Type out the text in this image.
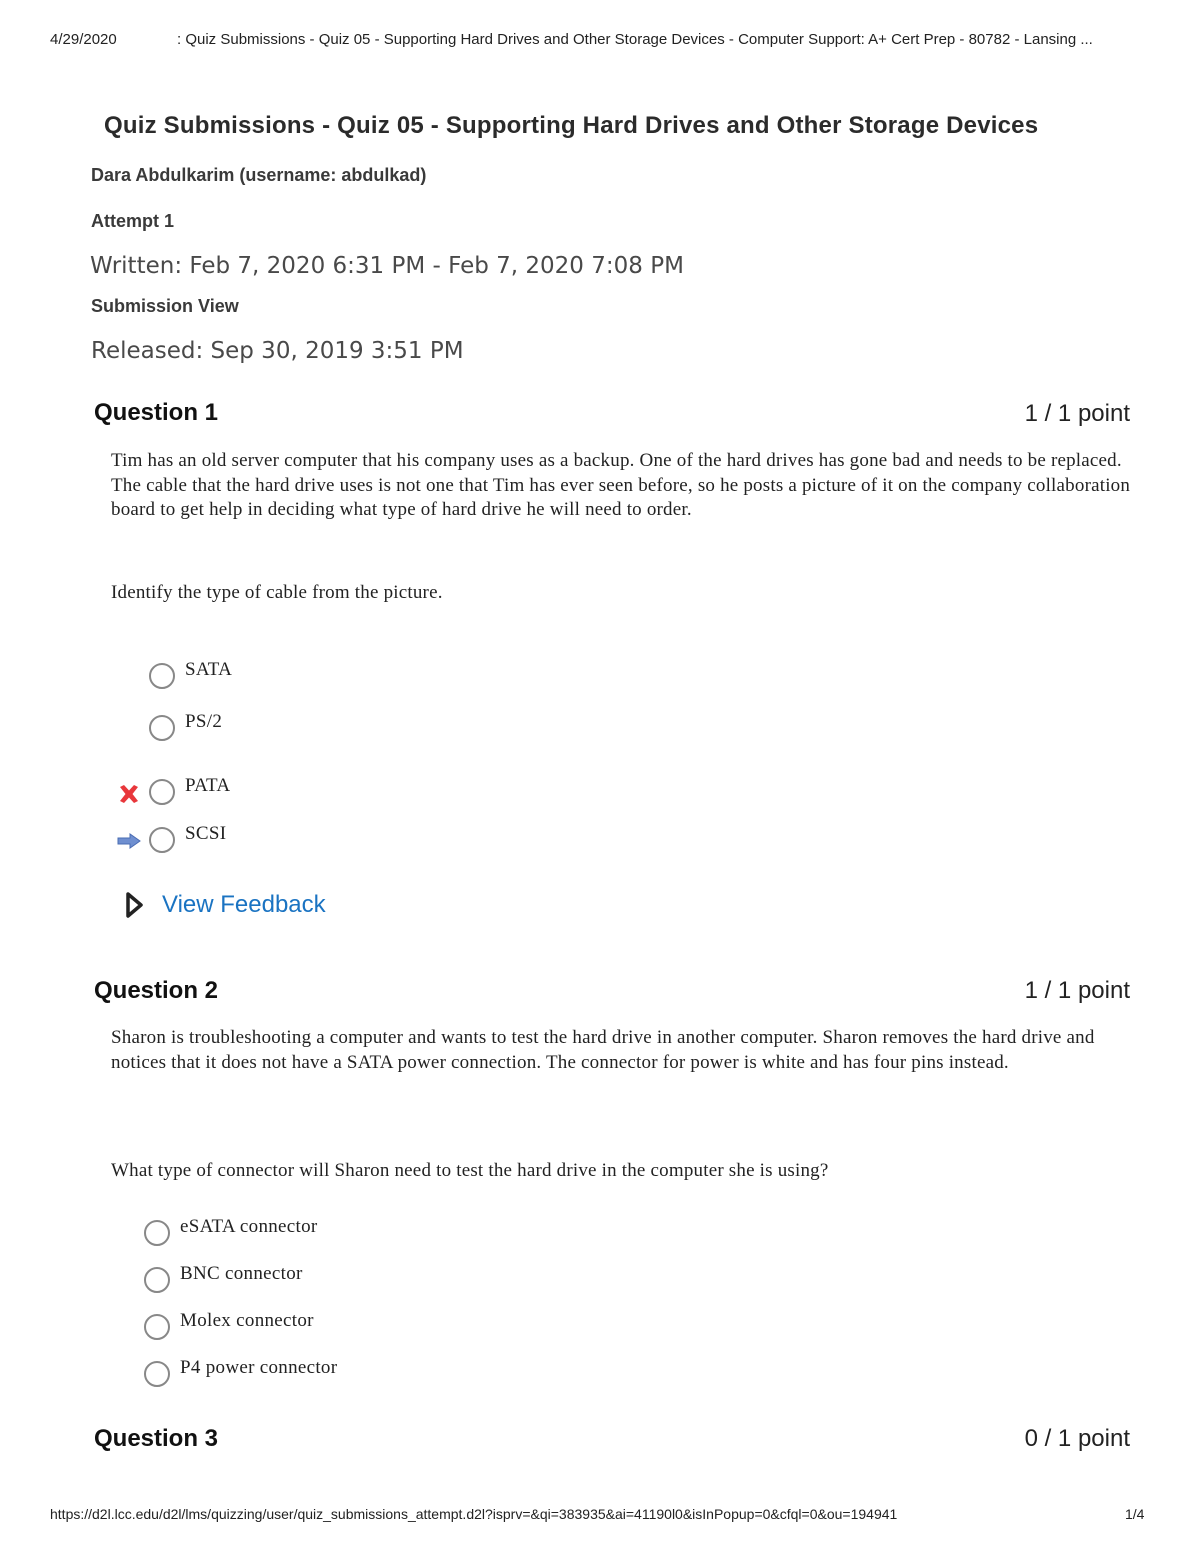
4/29/2020	: Quiz Submissions - Quiz 05 - Supporting Hard Drives and Other Storage Devices - Computer Support: A+ Cert Prep - 80782 - Lansing ...
Quiz Submissions - Quiz 05 - Supporting Hard Drives and Other Storage Devices
Dara Abdulkarim (username: abdulkad)
Attempt 1
Written: Feb 7, 2020 6:31 PM - Feb 7, 2020 7:08 PM
Submission View
Released: Sep 30, 2019 3:51 PM
Question 1	1 / 1 point
Tim has an old server computer that his company uses as a backup. One of the hard drives has gone bad and needs to be replaced. The cable that the hard drive uses is not one that Tim has ever seen before, so he posts a picture of it on the company collaboration board to get help in deciding what type of hard drive he will need to order.
Identify the type of cable from the picture.
SATA
PS/2
PATA
SCSI
View Feedback
Question 2	1 / 1 point
Sharon is troubleshooting a computer and wants to test the hard drive in another computer. Sharon removes the hard drive and notices that it does not have a SATA power connection. The connector for power is white and has four pins instead.
What type of connector will Sharon need to test the hard drive in the computer she is using?
eSATA connector
BNC connector
Molex connector
P4 power connector
Question 3	0 / 1 point
https://d2l.lcc.edu/d2l/lms/quizzing/user/quiz_submissions_attempt.d2l?isprv=&qi=383935&ai=41190l0&isInPopup=0&cfql=0&ou=194941	1/4
